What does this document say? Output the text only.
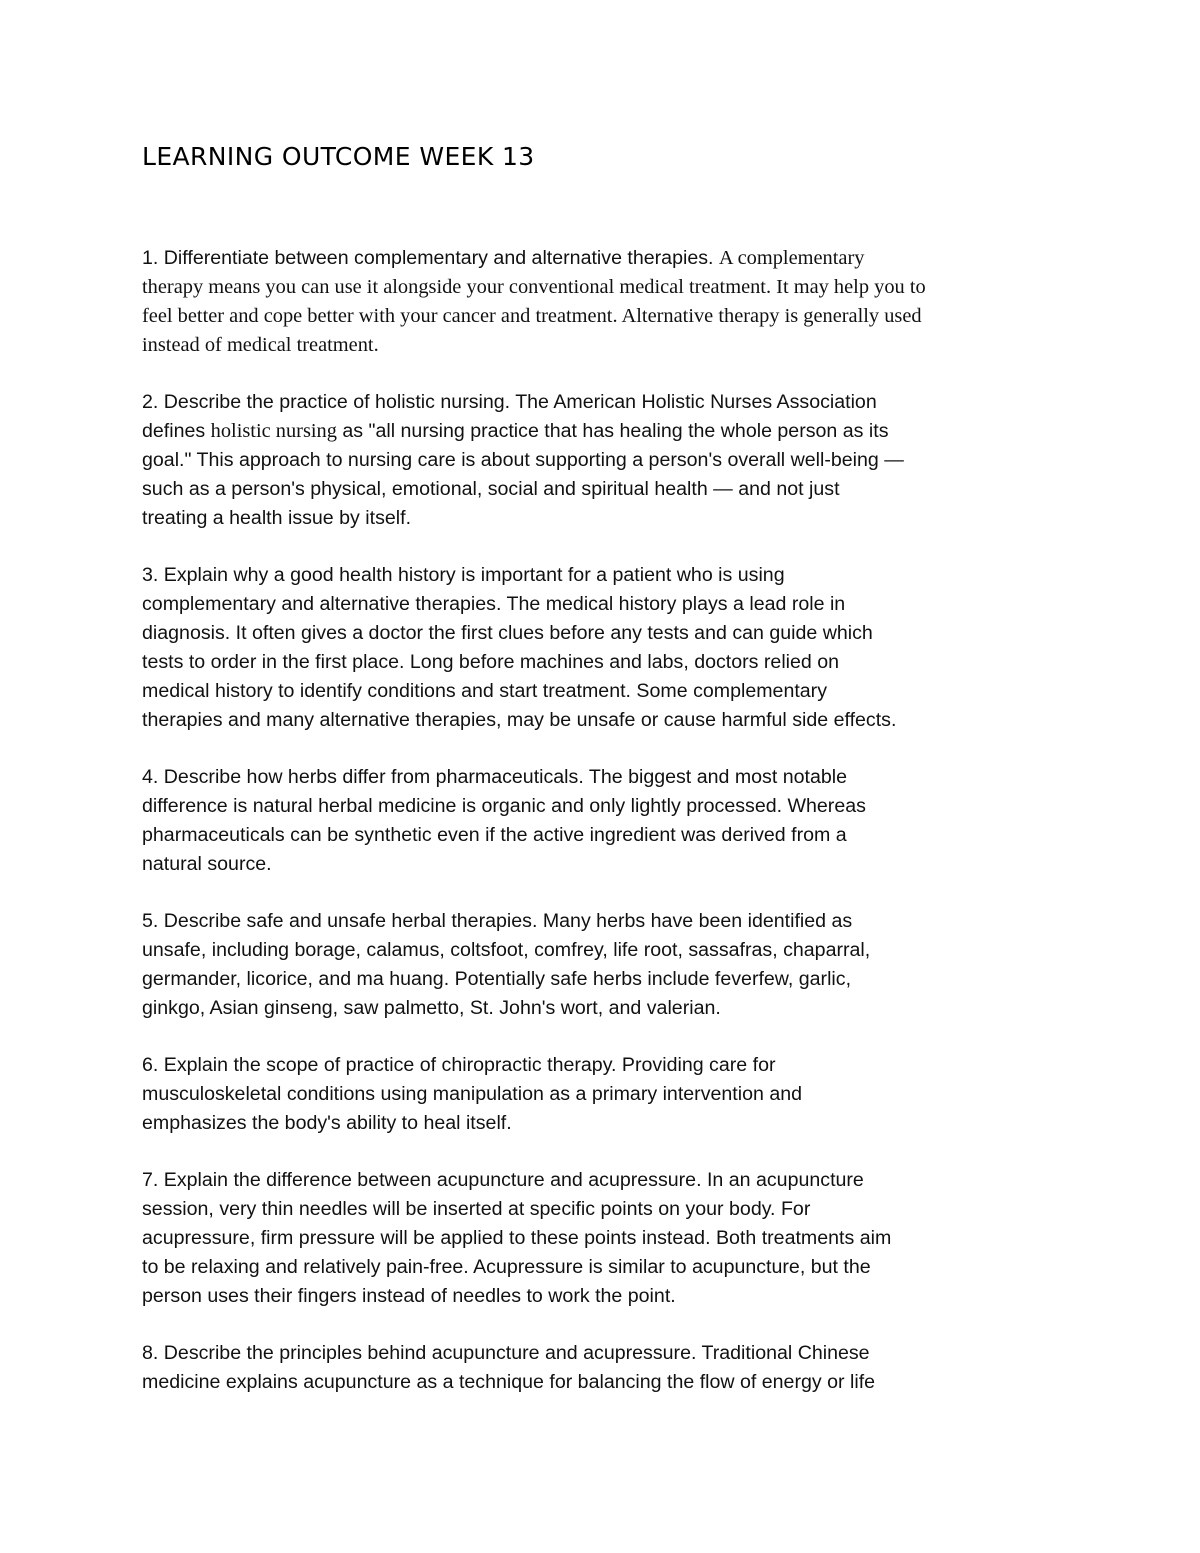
LEARNING OUTCOME WEEK 13
1. Differentiate between complementary and alternative therapies. A complementary
therapy means you can use it alongside your conventional medical treatment. It may help you to
feel better and cope better with your cancer and treatment. Alternative therapy is generally used
instead of medical treatment.
2. Describe the practice of holistic nursing. The American Holistic Nurses Association
defines holistic nursing as "all nursing practice that has healing the whole person as its
goal." This approach to nursing care is about supporting a person's overall well-being —
such as a person's physical, emotional, social and spiritual health — and not just
treating a health issue by itself.
3. Explain why a good health history is important for a patient who is using
complementary and alternative therapies. The medical history plays a lead role in
diagnosis. It often gives a doctor the first clues before any tests and can guide which
tests to order in the first place. Long before machines and labs, doctors relied on
medical history to identify conditions and start treatment. Some complementary
therapies and many alternative therapies, may be unsafe or cause harmful side effects.
4. Describe how herbs differ from pharmaceuticals. The biggest and most notable
difference is natural herbal medicine is organic and only lightly processed. Whereas
pharmaceuticals can be synthetic even if the active ingredient was derived from a
natural source.
5. Describe safe and unsafe herbal therapies. Many herbs have been identified as
unsafe, including borage, calamus, coltsfoot, comfrey, life root, sassafras, chaparral,
germander, licorice, and ma huang. Potentially safe herbs include feverfew, garlic,
ginkgo, Asian ginseng, saw palmetto, St. John's wort, and valerian.
6. Explain the scope of practice of chiropractic therapy. Providing care for
musculoskeletal conditions using manipulation as a primary intervention and
emphasizes the body's ability to heal itself.
7. Explain the difference between acupuncture and acupressure. In an acupuncture
session, very thin needles will be inserted at specific points on your body. For
acupressure, firm pressure will be applied to these points instead. Both treatments aim
to be relaxing and relatively pain-free. Acupressure is similar to acupuncture, but the
person uses their fingers instead of needles to work the point.
8. Describe the principles behind acupuncture and acupressure. Traditional Chinese
medicine explains acupuncture as a technique for balancing the flow of energy or life
